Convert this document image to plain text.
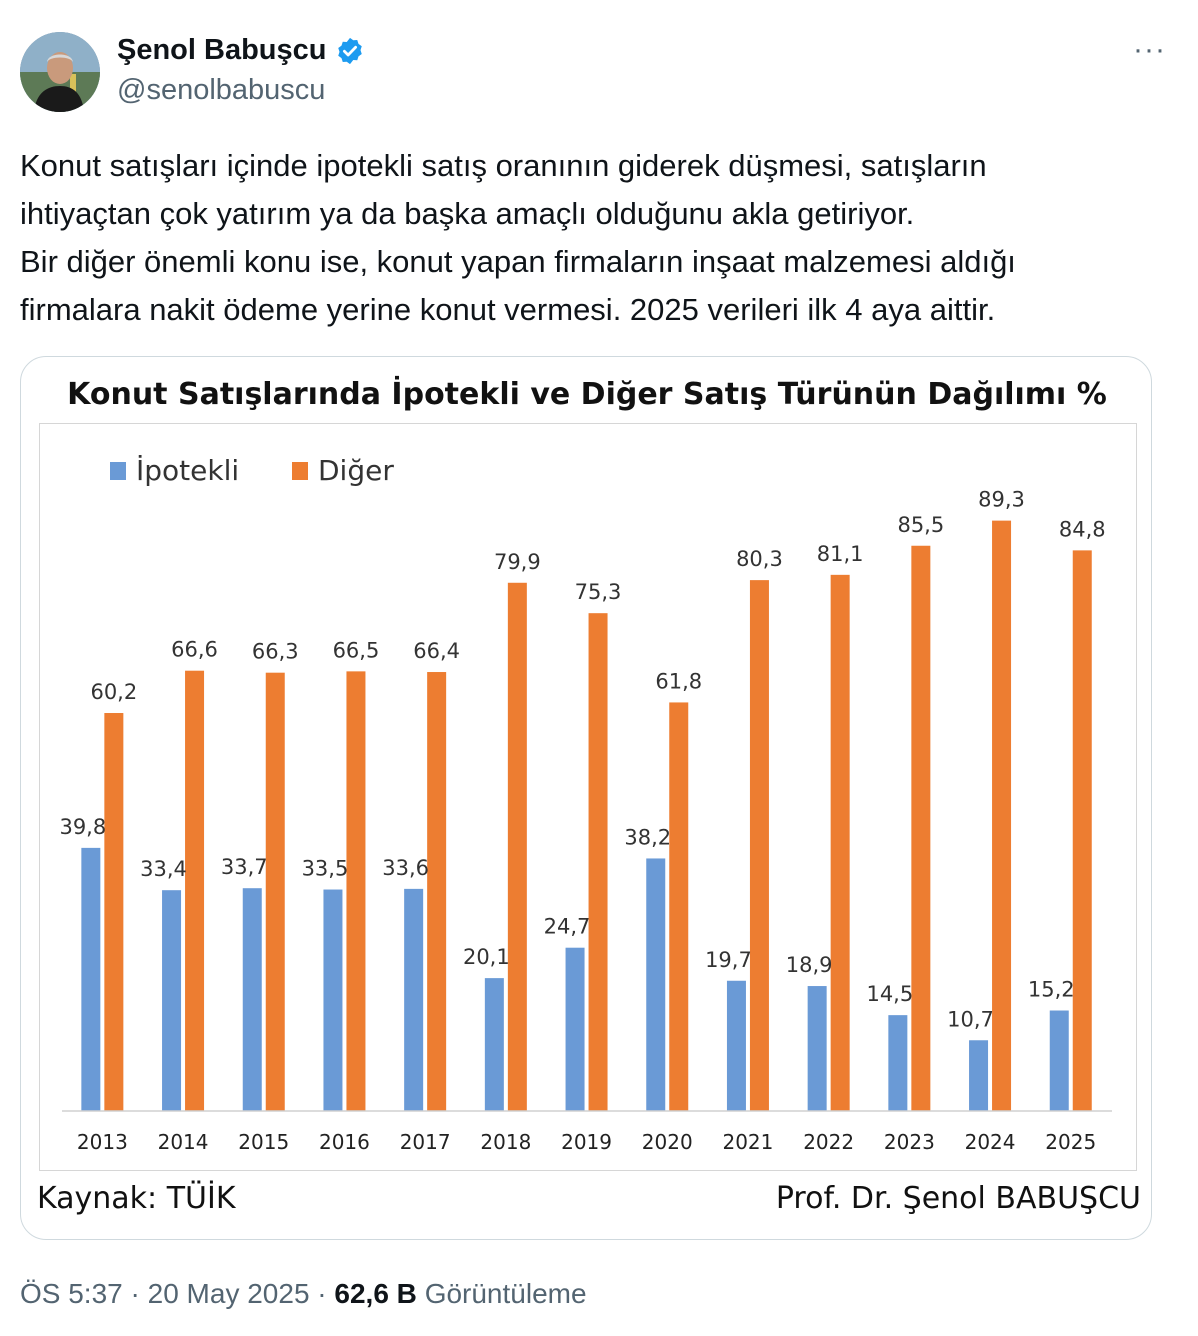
Şenol Babuşcu
@senolbabuscu
···

Konut satışları içinde ipotekli satış oranının giderek düşmesi, satışların

ihtiyaçtan çok yatırım ya da başka amaçlı olduğunu akla getiriyor.

Bir diğer önemli konu ise, konut yapan firmaların inşaat malzemesi aldığı

firmalara nakit ödeme yerine konut vermesi. 2025 verileri ilk 4 aya aittir.

Konut Satışlarında İpotekli ve Diğer Satış Türünün Dağılımı %
İpotekli	Diğer
39,8
60,2
33,4
66,6
33,7
66,3
33,5
66,5
33,6
66,4
20,1
79,9
24,7
75,3
38,2
61,8
19,7
80,3
18,9
81,1
14,5
85,5
10,7
89,3
15,2
84,8
2013 2014 2015 2016 2017 2018 2019 2020 2021 2022 2023 2024 2025
Kaynak: TÜİK	Prof. Dr. Şenol BABUŞCU
ÖS 5:37 · 20 May 2025 · 62,6 B Görüntüleme
